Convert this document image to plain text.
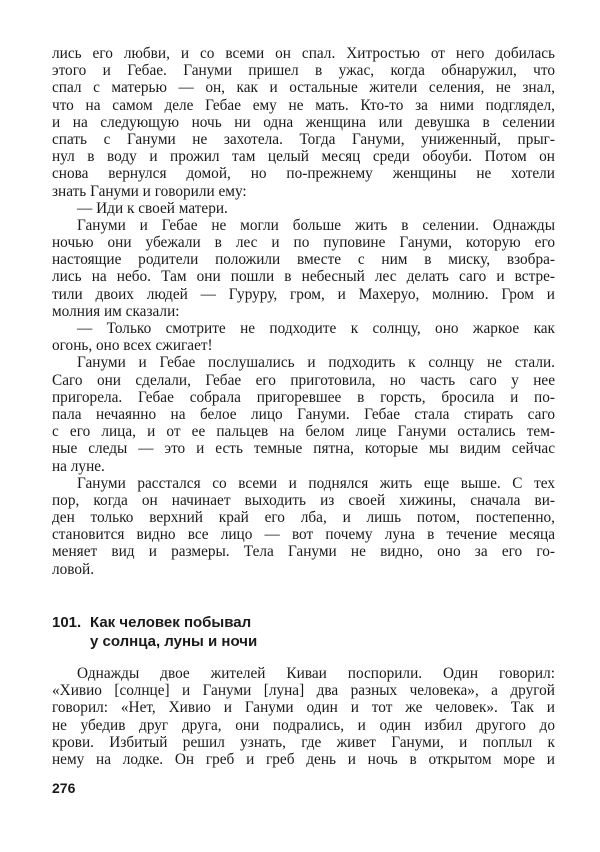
лись его любви, и со всеми он спал. Хитростью от него добилась
этого и Гебае. Гануми пришел в ужас, когда обнаружил, что
спал с матерью — он, как и остальные жители селения, не знал,
что на самом деле Гебае ему не мать. Кто-то за ними подглядел,
и на следующую ночь ни одна женщина или девушка в селении
спать с Гануми не захотела. Тогда Гануми, униженный, прыг-
нул в воду и прожил там целый месяц среди обоуби. Потом он
снова вернулся домой, но по-прежнему женщины не хотели
знать Гануми и говорили ему:
— Иди к своей матери.
Гануми и Гебае не могли больше жить в селении. Однажды
ночью они убежали в лес и по пуповине Гануми, которую его
настоящие родители положили вместе с ним в миску, взобра-
лись на небо. Там они пошли в небесный лес делать саго и встре-
тили двоих людей — Гуруру, гром, и Махеруо, молнию. Гром и
молния им сказали:
— Только смотрите не подходите к солнцу, оно жаркое как
огонь, оно всех сжигает!
Гануми и Гебае послушались и подходить к солнцу не стали.
Саго они сделали, Гебае его приготовила, но часть саго у нее
пригорела. Гебае собрала пригоревшее в горсть, бросила и по-
пала нечаянно на белое лицо Гануми. Гебае стала стирать саго
с его лица, и от ее пальцев на белом лице Гануми остались тем-
ные следы — это и есть темные пятна, которые мы видим сейчас
на луне.
Гануми расстался со всеми и поднялся жить еще выше. С тех
пор, когда он начинает выходить из своей хижины, сначала ви-
ден только верхний край его лба, и лишь потом, постепенно,
становится видно все лицо — вот почему луна в течение месяца
меняет вид и размеры. Тела Гануми не видно, оно за его го-
ловой.
101. Как человек побывал
у солнца, луны и ночи
Однажды двое жителей Киваи поспорили. Один говорил:
«Хивио [солнце] и Гануми [луна] два разных человека», а другой
говорил: «Нет, Хивио и Гануми один и тот же человек». Так и
не убедив друг друга, они подрались, и один избил другого до
крови. Избитый решил узнать, где живет Гануми, и поплыл к
нему на лодке. Он греб и греб день и ночь в открытом море и
276
